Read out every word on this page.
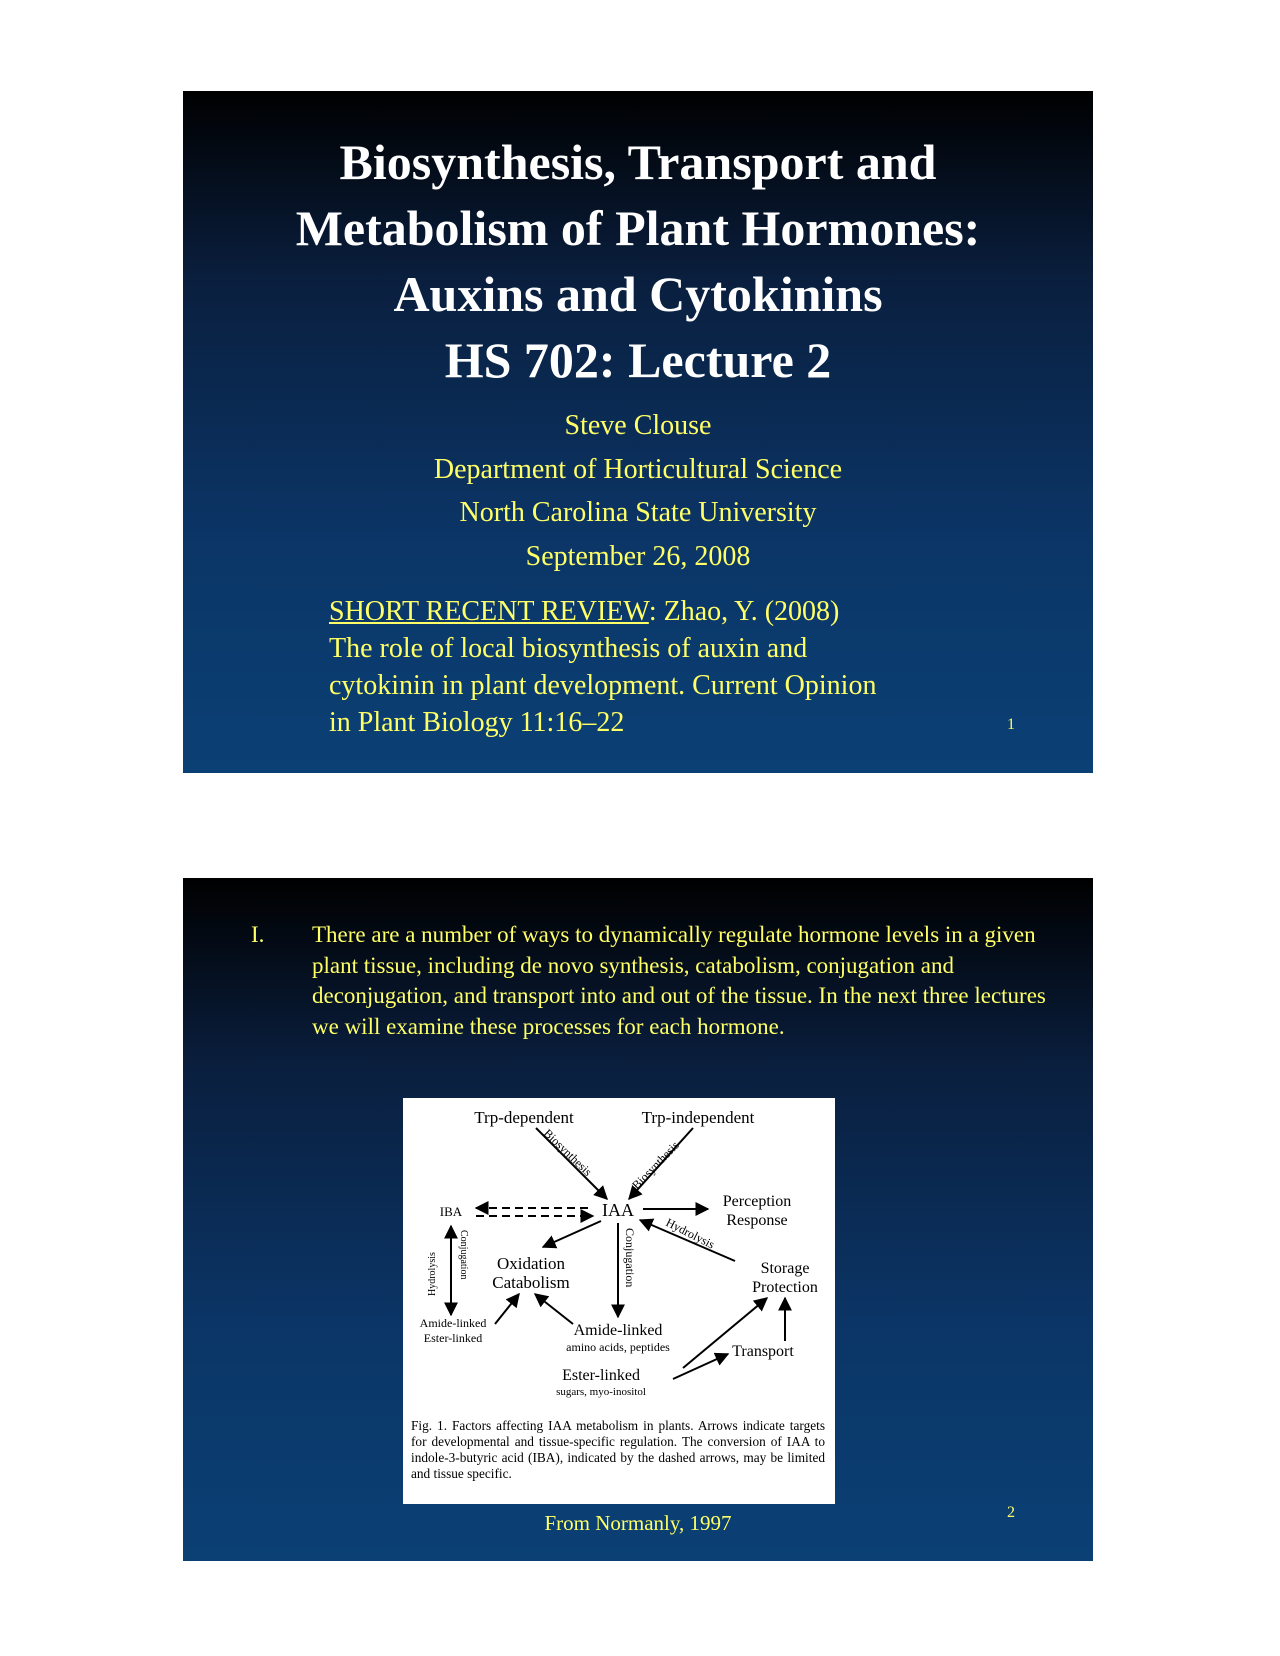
Biosynthesis, Transport and
Metabolism of Plant Hormones:
Auxins and Cytokinins
HS 702: Lecture 2
Steve Clouse
Department of Horticultural Science
North Carolina State University
September 26, 2008
SHORT RECENT REVIEW: Zhao, Y. (2008)
The role of local biosynthesis of auxin and
cytokinin in plant development. Current Opinion
in Plant Biology 11:16–22	1
I. There are a number of ways to dynamically regulate hormone levels in a given plant tissue, including de novo synthesis, catabolism, conjugation and deconjugation, and transport into and out of the tissue. In the next three lectures we will examine these processes for each hormone.
Trp-dependent	Trp-independent
Biosynthesis	Biosynthesis
IAA
IBA
Perception
Response
Hydrolysis
Storage
Protection
Oxidation
Catabolism	Conjugation
Hydrolysis Conjugation
Amide-linked
Ester-linked	Amide-linked
amino acids, peptides	Transport
Ester-linked
sugars, myo-inositol
Fig. 1. Factors affecting IAA metabolism in plants. Arrows indicate targets for developmental and tissue-specific regulation. The conversion of IAA to indole-3-butyric acid (IBA), indicated by the dashed arrows, may be limited and tissue specific.
From Normanly, 1997	2
